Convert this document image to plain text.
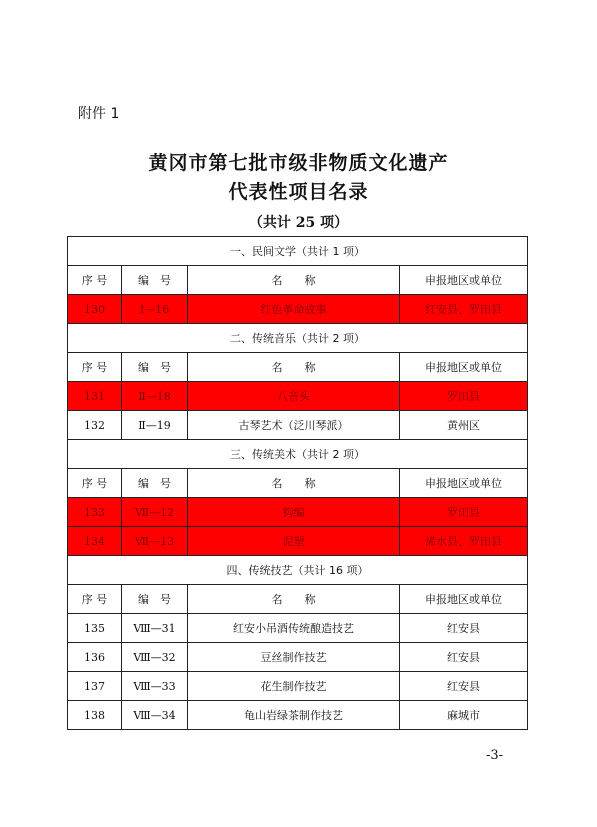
附件 1
黄冈市第七批市级非物质文化遗产
代表性项目名录
（共计 25 项）
一、民间文学（共计 1 项）			
序 号	编　号	名　　称	申报地区或单位
130	Ⅰ—16	红色革命故事	红安县、罗田县
二、传统音乐（共计 2 项）			
序 号	编　号	名　　称	申报地区或单位
131	Ⅱ—18	八音头	罗田县
132	Ⅱ—19	古琴艺术（泛川琴派）	黄州区
三、传统美术（共计 2 项）			
序 号	编　号	名　　称	申报地区或单位
133	Ⅶ—12	钩编	罗田县
134	Ⅶ—13	泥塑	浠水县、罗田县
四、传统技艺（共计 16 项）			
序 号	编　号	名　　称	申报地区或单位
135	Ⅷ—31	红安小吊酒传统酿造技艺	红安县
136	Ⅷ—32	豆丝制作技艺	红安县
137	Ⅷ—33	花生制作技艺	红安县
138	Ⅷ—34	龟山岩绿茶制作技艺	麻城市
-3-
